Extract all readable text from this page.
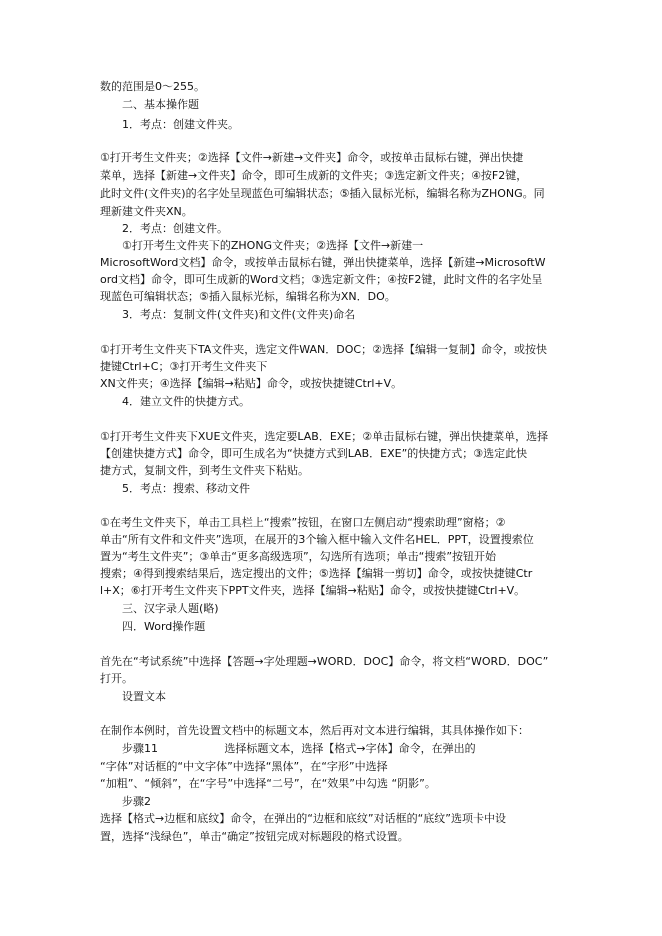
数的范围是0～255。
二、基本操作题
1．考点：创建文件夹。
①打开考生文件夹；②选择【文件→新建→文件夹】命令，或按单击鼠标右键，弹出快捷
菜单，选择【新建→文件夹】命令，即可生成新的文件夹；③选定新文件夹；④按F2键，
此时文件(文件夹)的名字处呈现蓝色可编辑状态；⑤插入鼠标光标，编辑名称为ZHONG。同
理新建文件夹XN。
2．考点：创建文件。
①打开考生文件夹下的ZHONG文件夹；②选择【文件→新建一
MicrosoftWord文档】命令，或按单击鼠标右键，弹出快捷菜单，选择【新建→MicrosoftW
ord文档】命令，即可生成新的Word文档；③选定新文件；④按F2键，此时文件的名字处呈
现蓝色可编辑状态；⑤插入鼠标光标，编辑名称为XN．DO。
3．考点：复制文件(文件夹)和文件(文件夹)命名
①打开考生文件夹下TA文件夹，选定文件WAN．DOC；②选择【编辑一复制】命令，或按快
捷键Ctrl+C；③打开考生文件夹下
XN文件夹；④选择【编辑→粘贴】命令，或按快捷键Ctrl+V。
4．建立文件的快捷方式。
①打开考生文件夹下XUE文件夹，选定要LAB．EXE；②单击鼠标右键，弹出快捷菜单，选择
【创建快捷方式】命令，即可生成名为“快捷方式到LAB．EXE”的快捷方式；③选定此快
捷方式，复制文件，到考生文件夹下粘贴。
5．考点：搜索、移动文件
①在考生文件夹下，单击工具栏上“搜索”按钮，在窗口左侧启动“搜索助理”窗格；②
单击“所有文件和文件夹”选项，在展开的3个输入框中输入文件名HEL．PPT，设置搜索位
置为“考生文件夹”；③单击“更多高级选项”，勾选所有选项；单击“搜索”按钮开始
搜索；④得到搜索结果后，选定搜出的文件；⑤选择【编辑一剪切】命令，或按快捷键Ctr
l+X；⑥打开考生文件夹下PPT文件夹，选择【编辑→粘贴】命令，或按快捷键Ctrl+V。
三、汉字录人题(略)
四．Word操作题
首先在“考试系统”中选择【答题→字处理题→WORD．DOC】命令，将文档“WORD．DOC”
打开。
设置文本
在制作本例时，首先设置文档中的标题文本，然后再对文本进行编辑，其具体操作如下：
步骤11                   选择标题文本，选择【格式→字体】命令，在弹出的
“字体”对话框的“中文字体”中选择“黑体”，在“字形”中选择
“加粗”、“倾斜”，在“字号”中选择“二号”，在“效果”中勾选 “阴影”。
步骤2
选择【格式→边框和底纹】命令，在弹出的“边框和底纹”对话框的“底纹”选项卡中设
置，选择“浅绿色”，单击“确定”按钮完成对标题段的格式设置。
